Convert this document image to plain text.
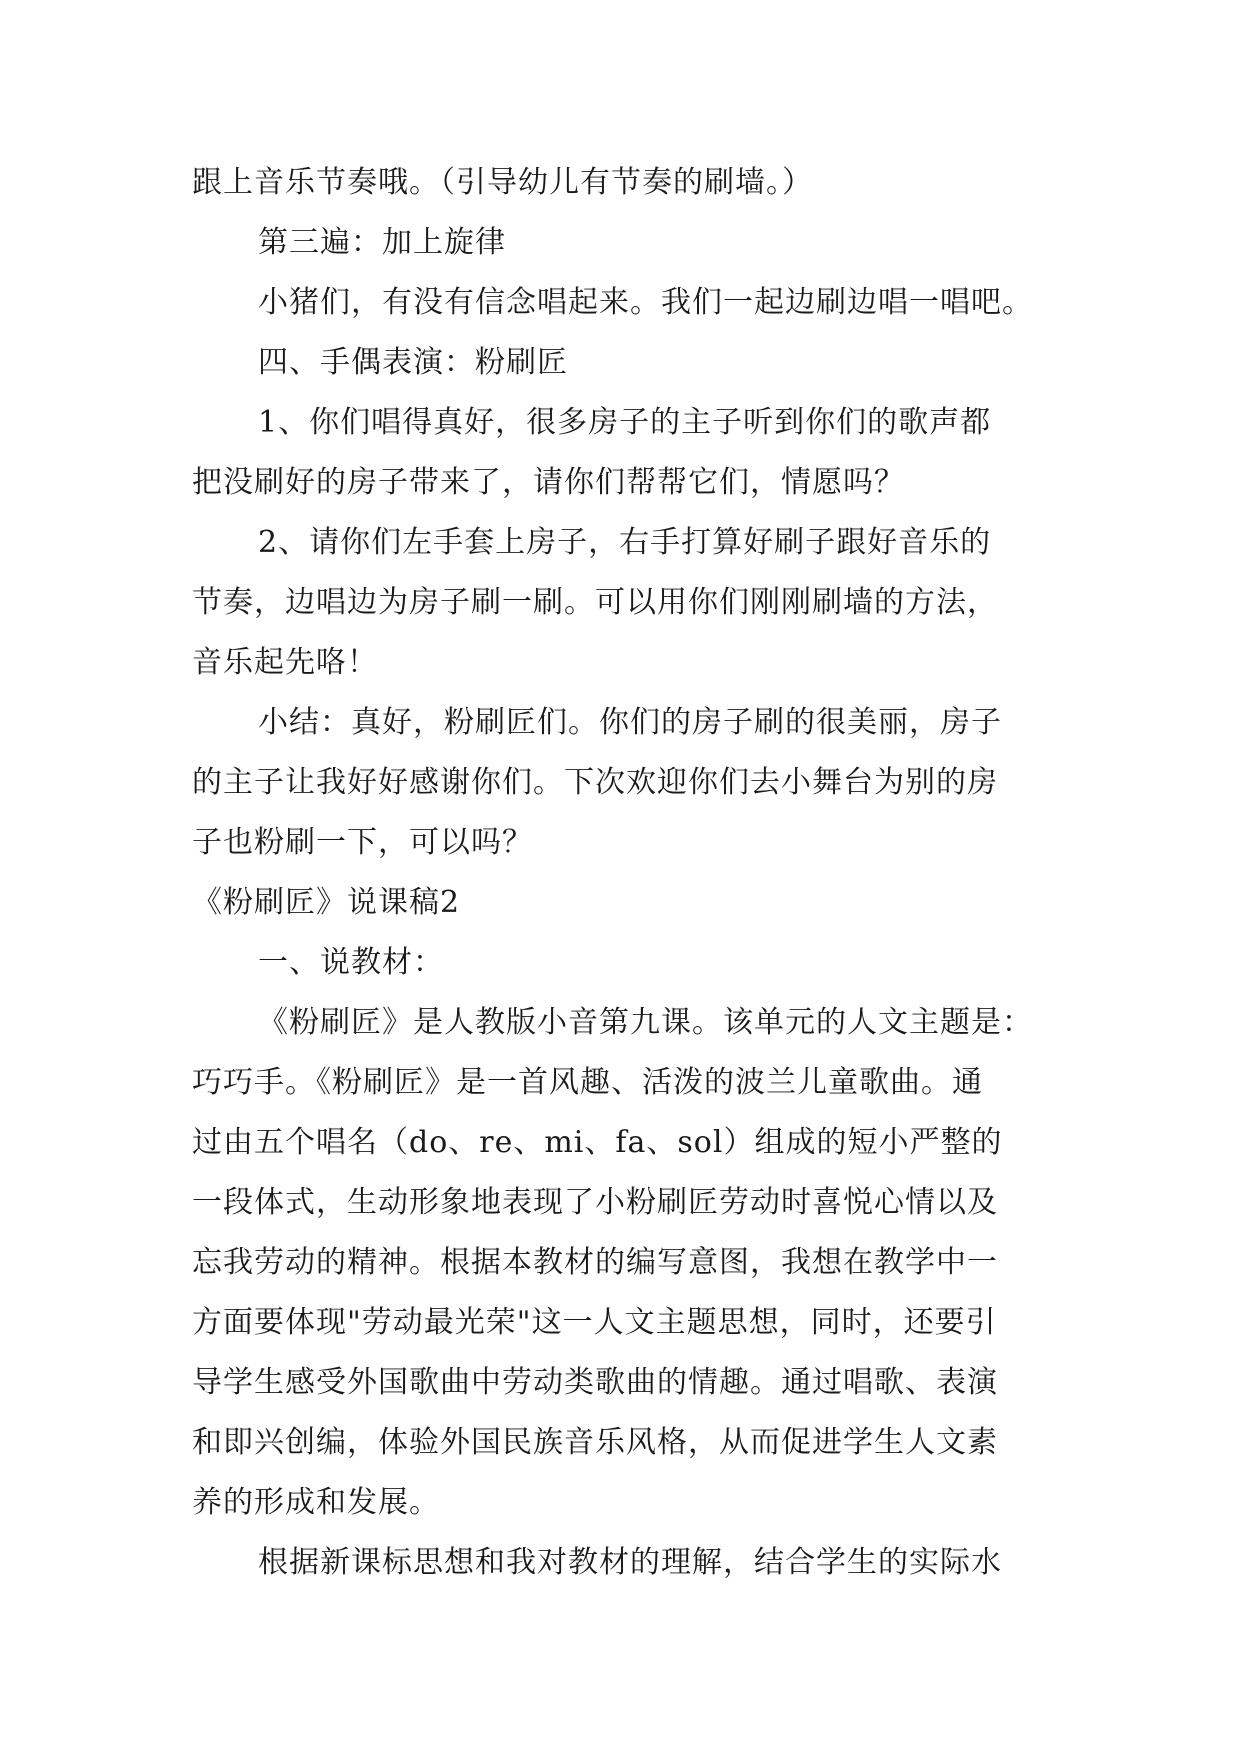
跟上音乐节奏哦。（引导幼儿有节奏的刷墙。）
第三遍：加上旋律
小猪们，有没有信念唱起来。我们一起边刷边唱一唱吧。
四、手偶表演：粉刷匠
1、你们唱得真好，很多房子的主子听到你们的歌声都
把没刷好的房子带来了，请你们帮帮它们，情愿吗？
2、请你们左手套上房子，右手打算好刷子跟好音乐的
节奏，边唱边为房子刷一刷。可以用你们刚刚刷墙的方法，
音乐起先咯！
小结：真好，粉刷匠们。你们的房子刷的很美丽，房子
的主子让我好好感谢你们。下次欢迎你们去小舞台为别的房
子也粉刷一下，可以吗？
《粉刷匠》说课稿2
一、说教材：
《粉刷匠》是人教版小音第九课。该单元的人文主题是：
巧巧手。《粉刷匠》是一首风趣、活泼的波兰儿童歌曲。通
过由五个唱名（do、re、mi、fa、sol）组成的短小严整的
一段体式，生动形象地表现了小粉刷匠劳动时喜悦心情以及
忘我劳动的精神。根据本教材的编写意图，我想在教学中一
方面要体现"劳动最光荣"这一人文主题思想，同时，还要引
导学生感受外国歌曲中劳动类歌曲的情趣。通过唱歌、表演
和即兴创编，体验外国民族音乐风格，从而促进学生人文素
养的形成和发展。
根据新课标思想和我对教材的理解，结合学生的实际水
